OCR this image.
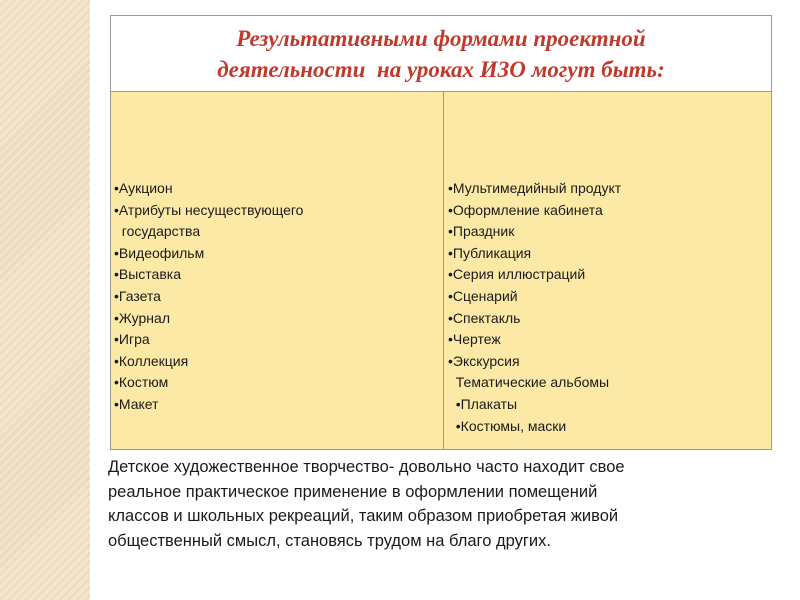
Результативными формами проектной
деятельности  на уроках ИЗО могут быть:
•Аукцион
•Атрибуты несуществующего
государства
•Видеофильм
•Выставка
•Газета
•Журнал
•Игра
•Коллекция
•Костюм
•Макет
•Мультимедийный продукт
•Оформление кабинета
•Праздник
•Публикация
•Серия иллюстраций
•Сценарий
•Спектакль
•Чертеж
•Экскурсия
Тематические альбомы
•Плакаты
•Костюмы, маски
Детское художественное творчество- довольно часто находит свое
реальное практическое применение в оформлении помещений
классов и школьных рекреаций, таким образом приобретая живой
общественный смысл, становясь трудом на благо других.
